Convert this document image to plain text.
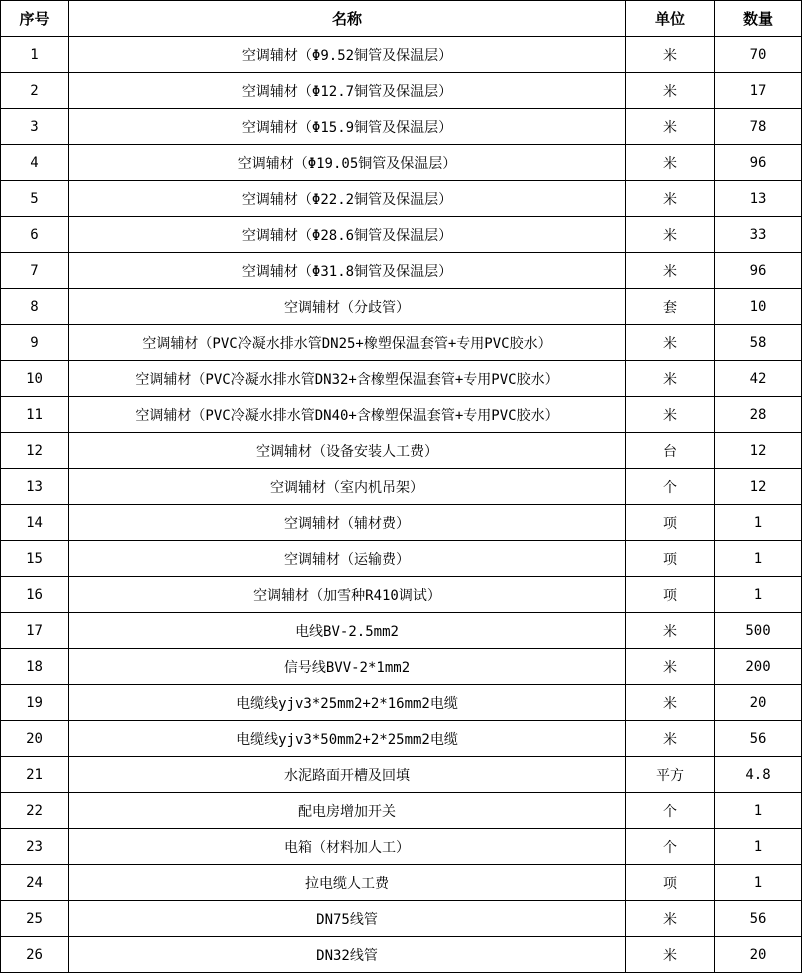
序号	名称	单位	数量
1	空调辅材（Φ9.52铜管及保温层）	米	70
2	空调辅材（Φ12.7铜管及保温层）	米	17
3	空调辅材（Φ15.9铜管及保温层）	米	78
4	空调辅材（Φ19.05铜管及保温层）	米	96
5	空调辅材（Φ22.2铜管及保温层）	米	13
6	空调辅材（Φ28.6铜管及保温层）	米	33
7	空调辅材（Φ31.8铜管及保温层）	米	96
8	空调辅材（分歧管）	套	10
9	空调辅材（PVC冷凝水排水管DN25+橡塑保温套管+专用PVC胶水）	米	58
10	空调辅材（PVC冷凝水排水管DN32+含橡塑保温套管+专用PVC胶水）	米	42
11	空调辅材（PVC冷凝水排水管DN40+含橡塑保温套管+专用PVC胶水）	米	28
12	空调辅材（设备安装人工费）	台	12
13	空调辅材（室内机吊架）	个	12
14	空调辅材（辅材费）	项	1
15	空调辅材（运输费）	项	1
16	空调辅材（加雪种R410调试）	项	1
17	电线BV-2.5mm2	米	500
18	信号线BVV-2*1mm2	米	200
19	电缆线yjv3*25mm2+2*16mm2电缆	米	20
20	电缆线yjv3*50mm2+2*25mm2电缆	米	56
21	水泥路面开槽及回填	平方	4.8
22	配电房增加开关	个	1
23	电箱（材料加人工）	个	1
24	拉电缆人工费	项	1
25	DN75线管	米	56
26	DN32线管	米	20
